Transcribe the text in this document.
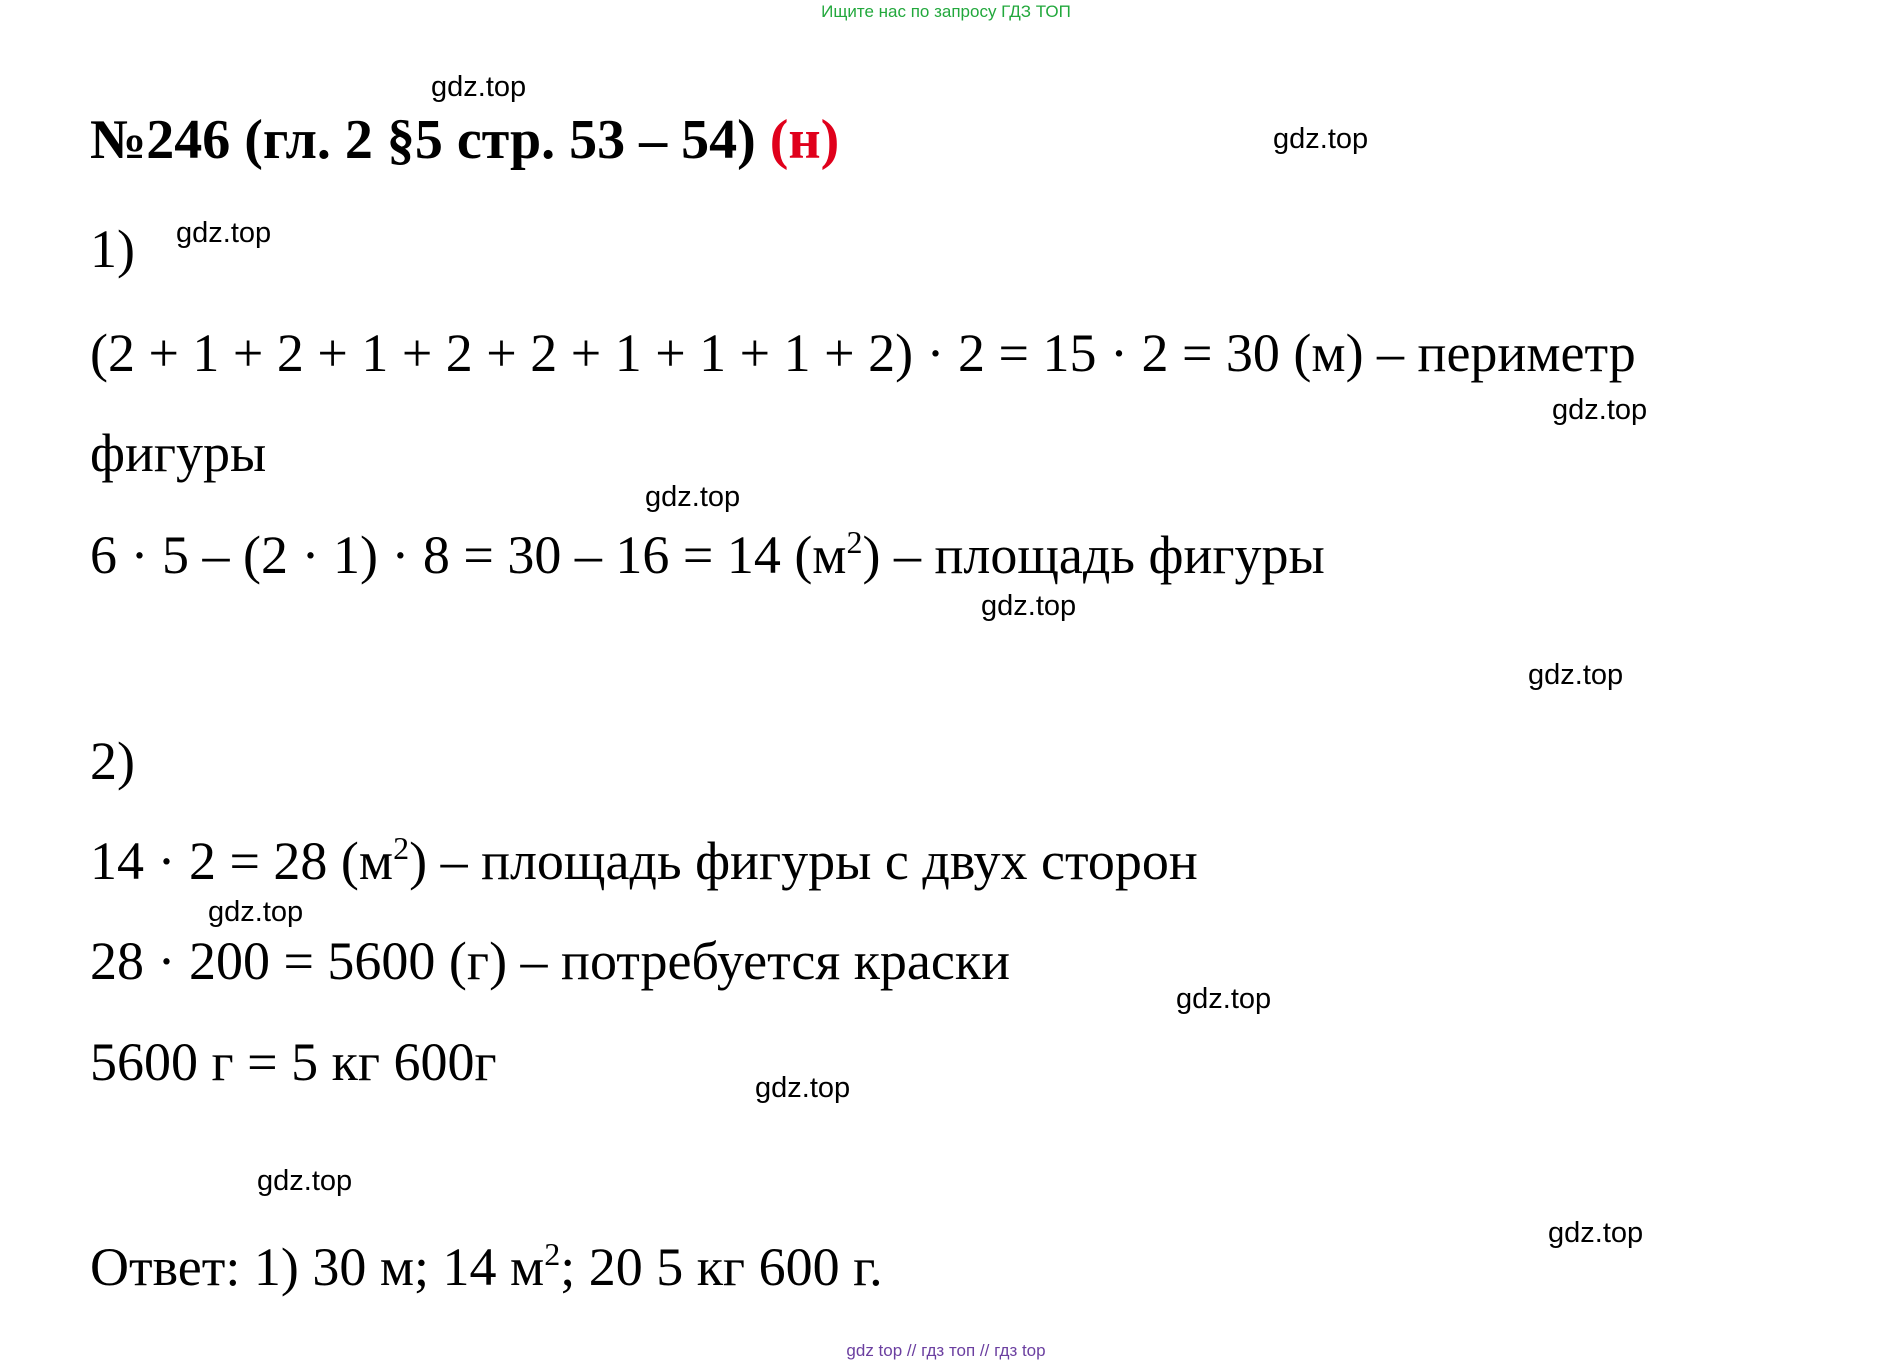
Ищите нас по запросу ГДЗ ТОП
№246 (гл. 2 §5 стр. 53 – 54) (н)
1)
(2 + 1 + 2 + 1 + 2 + 2 + 1 + 1 + 1 + 2) · 2 = 15 · 2 = 30 (м) – периметр
фигуры
6 · 5 – (2 · 1) · 8 = 30 – 16 = 14 $(м^2)$ – площадь фигуры
2)
14 · 2 = 28 $(м^2)$ – площадь фигуры с двух сторон
28 · 200 = 5600 (г) – потребуется краски
5600 г = 5 кг 600г
Ответ: 1) 30 м; 14 $м^2$; 20 5 кг 600 г.
gdz.top
gdz.top
gdz.top
gdz.top
gdz.top
gdz.top
gdz.top
gdz.top
gdz.top
gdz.top
gdz.top
gdz.top
gdz top // гдз топ // гдз top
